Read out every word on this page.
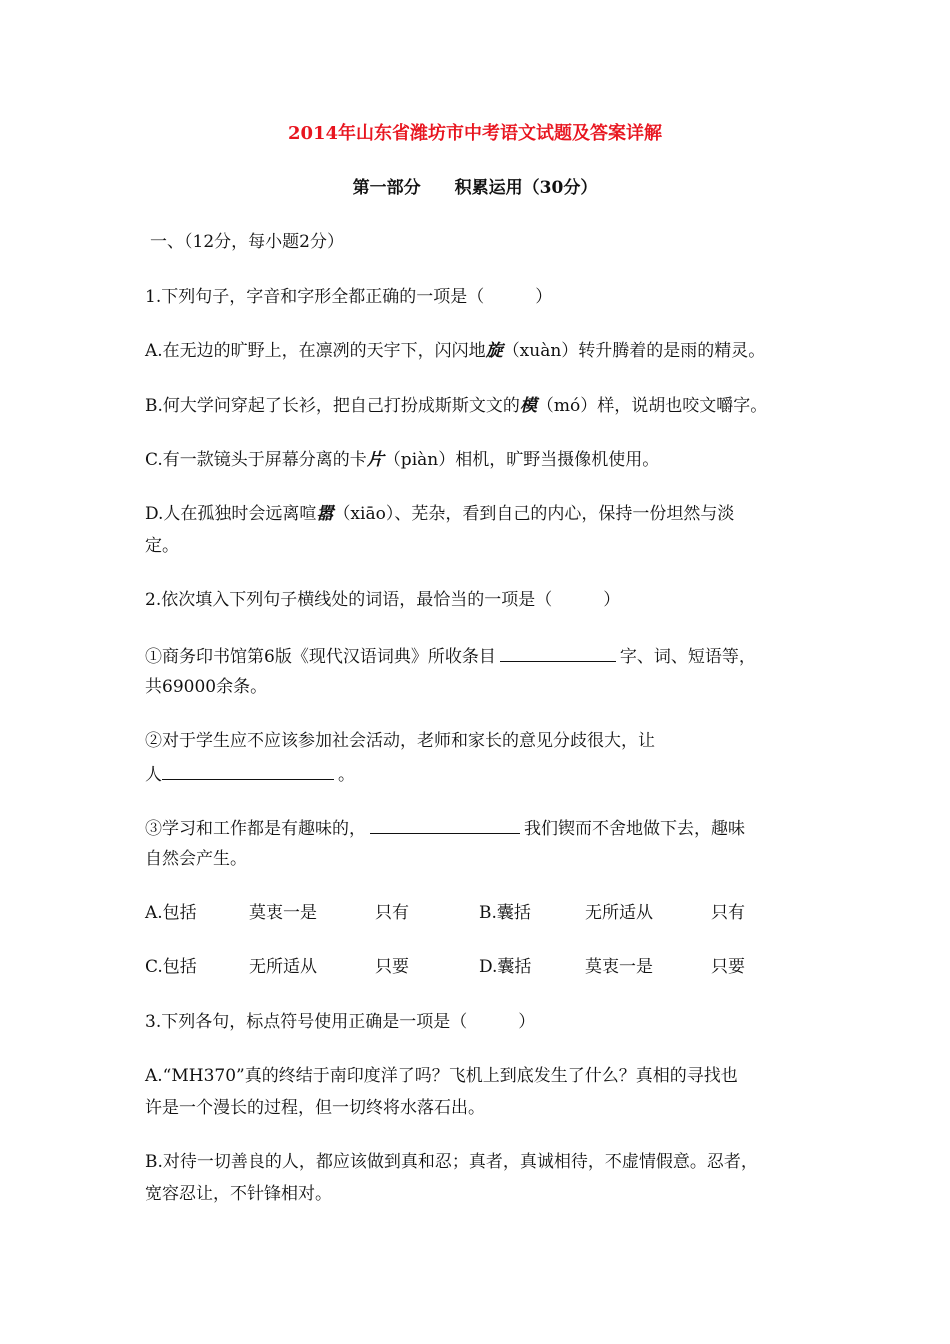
2014年山东省潍坊市中考语文试题及答案详解
第一部分 积累运用（30分）
一、（12分，每小题2分）
1.下列句子，字音和字形全都正确的一项是（　　　）
A.在无边的旷野上，在凛冽的天宇下，闪闪地旋（xuàn）转升腾着的是雨的精灵。
B.何大学问穿起了长衫，把自己打扮成斯斯文文的模（mó）样，说胡也咬文嚼字。
C.有一款镜头于屏幕分离的卡片（piàn）相机，旷野当摄像机使用。
D.人在孤独时会远离喧嚣（xiāo）、芜杂，看到自己的内心，保持一份坦然与淡
定。
2.依次填入下列句子横线处的词语，最恰当的一项是（　　　）
①商务印书馆第6版《现代汉语词典》所收条目	字、词、短语等，
共69000余条。
②对于学生应不应该参加社会活动，老师和家长的意见分歧很大，让
人	。
③学习和工作都是有趣味的，	我们锲而不舍地做下去，趣味
自然会产生。
A.包括	莫衷一是	只有	B.囊括	无所适从	只有
C.包括	无所适从	只要	D.囊括	莫衷一是	只要
3.下列各句，标点符号使用正确是一项是（　　　）
A.“MH370”真的终结于南印度洋了吗？飞机上到底发生了什么？真相的寻找也
许是一个漫长的过程，但一切终将水落石出。
B.对待一切善良的人，都应该做到真和忍；真者，真诚相待，不虚情假意。忍者，
宽容忍让，不针锋相对。
